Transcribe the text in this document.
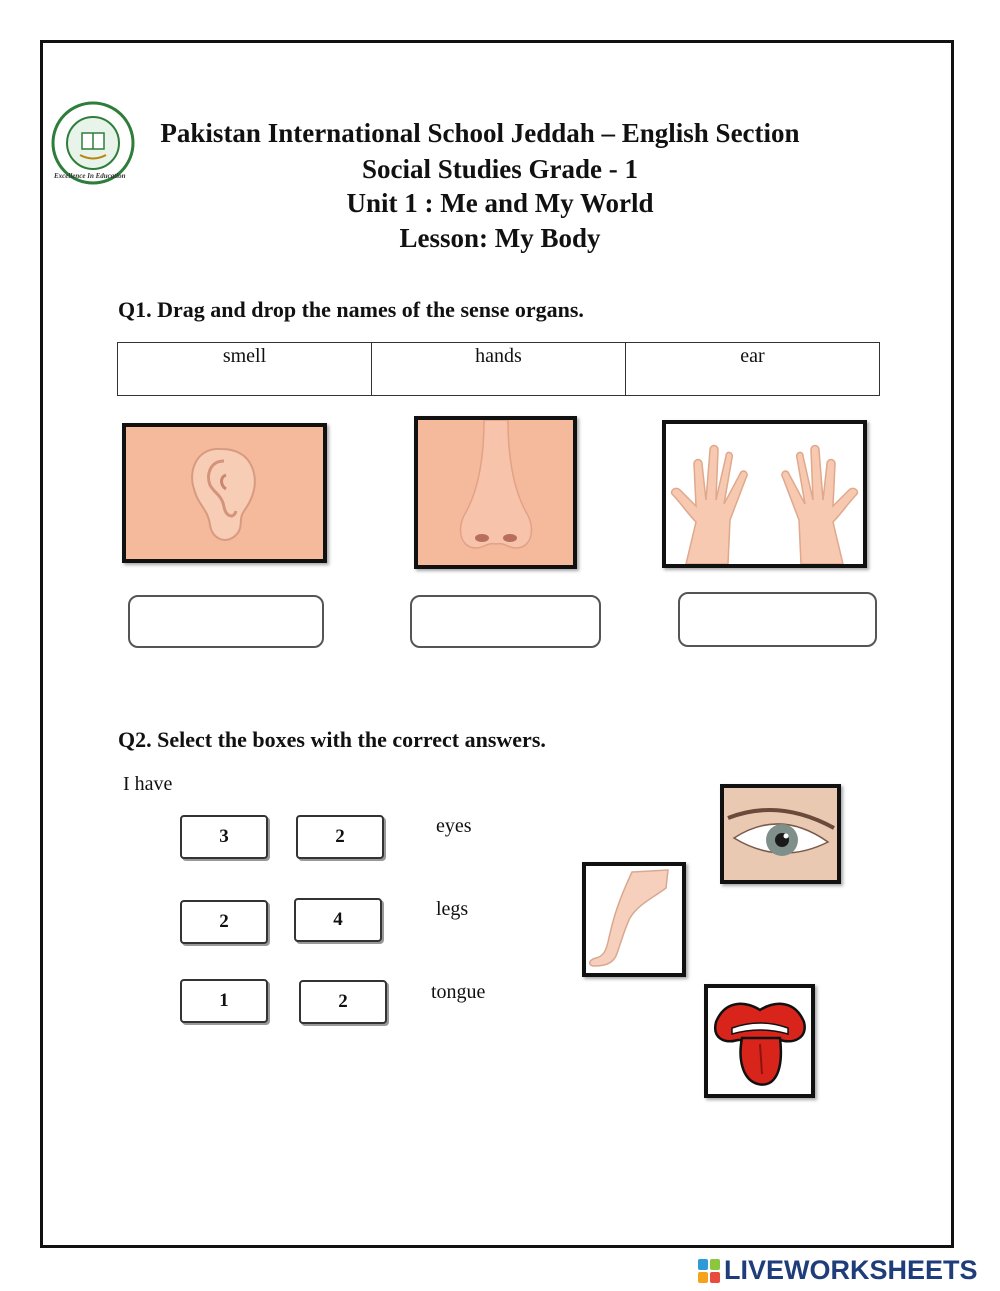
Excellence In Education
Pakistan International School Jeddah – English Section
Social Studies Grade - 1
Unit 1 : Me and My World
Lesson: My Body
Q1. Drag and drop the names of the sense organs.
smell	hands	ear
Q2. Select the boxes with the correct answers.
I have
3	2	eyes
2	4	legs
1	2	tongue
LIVEWORKSHEETS
